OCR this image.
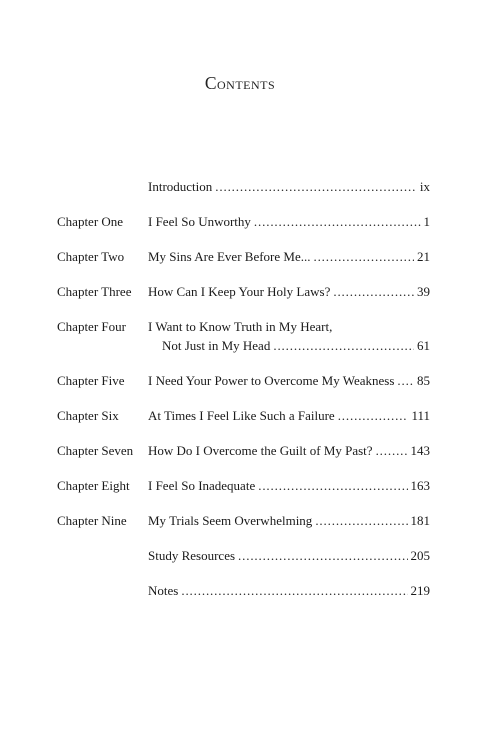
Contents
Introduction . . .	ix
Chapter One I Feel So Unworthy . . .	1
Chapter Two My Sins Are Ever Before Me... . . .	21
Chapter Three How Can I Keep Your Holy Laws? . . .	39
Chapter Four I Want to Know Truth in My Heart,
Not Just in My Head . . .	61
Chapter Five I Need Your Power to Overcome My Weakness . . . 85
Chapter Six At Times I Feel Like Such a Failure . . .	111
Chapter Seven How Do I Overcome the Guilt of My Past? . . .	143
Chapter Eight I Feel So Inadequate . . .	163
Chapter Nine My Trials Seem Overwhelming . . .	181
Study Resources . . .	205
Notes . . .	219
